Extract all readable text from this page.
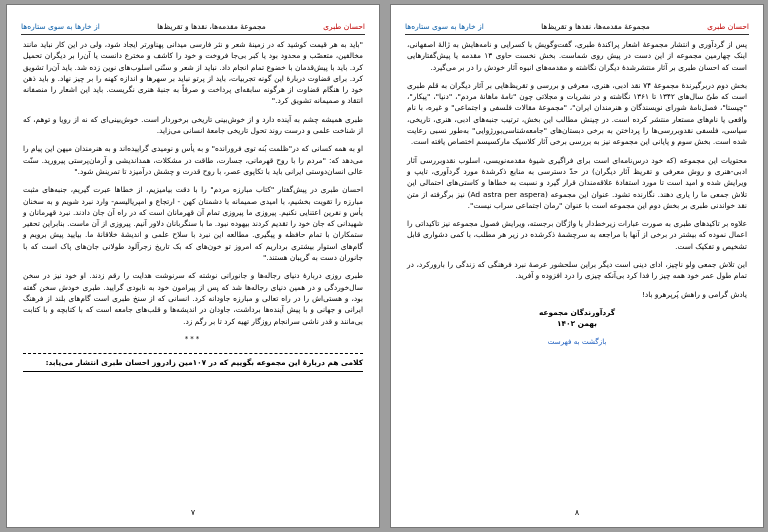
احسان طبری
مجموعهٔ مقدمه‌ها، نقدها و تقریظ‌ها
از خارها به سوی ستاره‌ها

پس از گردآوری و انتشار مجموعهٔ اشعار پراکندهٔ طبری، گفت‌وگویش با کسرایی و نامه‌هایش به ژالهٔ اصفهانی، اینک چهارمین مجموعه از این دست در پیش روی شماست. بخش نخست حاوی ۱۳ مقدمه یا پیش‌گفتارهایی است که احسان طبری بر آثار منتشرشدهٔ دیگران نگاشته و مقدمه‌های انبوه آثار خودش را در بر می‌گیرد.

بخش دوم دربرگیرندهٔ مجموعهٔ ۷۴ نقد ادبی، هنری، معرفی و بررسی و تقریظ‌هایی بر آثار دیگران به قلم طبری است که طیّ سال‌های ۱۳۴۲ تا ۱۳۶۱ نگاشته و در نشریات و مجلاتی چون "نامهٔ ماهانهٔ مردم"، "دنیا"، "پیکار"، "چیستا"، فصل‌نامهٔ شورای نویسندگان و هنرمندان ایران"، "مجموعهٔ مقالات فلسفی و اجتماعی" و غیره، با نام واقعی یا نام‌های مستعار منتشر کرده است. در چینش مطالب این بخش، ترتیب جنبه‌های ادبی، هنری، تاریخی، سیاسی، فلسفی نقدوبررسی‌ها را پرداختن به برخی دبستان‌های "جامعه‌شناسی‌بورژوایی" به‌طور نسبی رعایت شده است. بخش سوم و پایانی این مجموعه نیز به بررسی برخی آثار کلاسیک مارکسیسم اختصاص یافته است.

محتویات این مجموعه (که خود درس‌نامه‌ای است برای فراگیری شیوهٔ مقدمه‌نویسی، اسلوب نقدوبررسی آثار ادبی-هنری و روش معرفی و تقریظ آثار دیگران) در حدّ دسترسی به منابع ذکرشدهٔ مورد گردآوری، تایپ و ویرایش شده و امید است تا مورد استفادهٔ علاقه‌مندان قرار گیرد و نسبت به خطاها و کاستی‌های احتمالی این تلاش جمعی ما را یاری دهند. نگارنده تشود. عنوان این مجموعه (Ad astra per aspera) نیز برگرفته از متن نقد خواندنی طبری بر بخش دوم این مجموعه است با عنوان "رمان اجتماعی سراب نیست".

علاوه بر تاکیدهای طبری به صورت عبارات زیرخط‌دار یا واژگان برجسته، ویرایش فصول مجموعه نیز تاکیداتی را اعمال نموده که بیشتر در برخی از آنها با مراجعه به سرچشمهٔ ذکرشده در زیر هر مطلب، با کمی دشواری قابل تشخیص و تفکیک است.

این تلاش جمعی ولو ناچیز، ادای دینی است دیگر براین سلحشور عرصهٔ نبرد فرهنگی که زندگی را بارورکرد، در تمام طول عمر خود همه چیز را فدا کرد بی‌آنکه چیزی را درد افزوده و آفرید.

یادش گرامی و راهش پُرپرهرو باد!

گردآورندگان مجموعه
بهمن ۱۴۰۲
بازگشت به فهرست
۸
احسان طبری
مجموعهٔ مقدمه‌ها، نقدها و تقریظ‌ها
از خارها به سوی ستاره‌ها

"باید به هر قیمت کوشید که در زمینهٔ شعر و نثر فارسی میدانی پهناورتر ایجاد شود، ولی در این کار نباید مانند مخالفین، متعصّب و محدود بود یا کبر بی‌جا فروخت و خود را کاشف و مخترع دانست یا آن‌را بر دیگران تحمیل کرد. باید با پیش‌قدمان با خضوع تمام انجام داد. نباید از شعر و سنّتی اسلوب‌های نوین زده شد. باید آن‌را تشویق کرد. برای قضاوت دربارهٔ این گونه تجربیات، باید از پرتو نباید بر سهرها و اندازه کهنه را بر چیز نهاد. و باید ذهن خود را هنگام قضاوت از هرگونه سابقه‌ای پرداخت و صرفاً به جنبهٔ هنری نگریست. باید این اشعار را منصفانه انتقاد و صمیمانه تشویق کرد."

طبری همیشه چشم به آینده دارد و از خوش‌بینی تاریخی برخوردار است. خوش‌بینی‌ای که نه از رویا و توهم، که از شناخت علمی و درست روند تحول تاریخی جامعهٔ انسانی می‌زاید.

او به همه کسانی که در"ظلمت بُنه توی فرورانده" و به یأس و نومیدی گراییده‌اند و به هنرمندان میهن این پیام را می‌دهد که: "مردم را با روح قهرمانی، جسارت، طاقت در مشکلات، همداندیشی و آرمان‌پرستی پیرورید. سنّت عالی انسان‌دوستی ایرانی باید با تکاپوی عصر، با روح قدرت و چشش درآمیزد تا تمرینش شود."

احسان طبری در پیش‌گفتار "کتاب مبارزه مردم" را با دقت بیامیزیم، از خطاها عبرت گیریم، جنبه‌های مثبت مبارزه را تقویت بخشیم، با امیدی صمیمانه با دشمنان کهن - ارتجاع و امپریالیسم- وارد نبرد شویم و به سخنان یأس و نفرین اعتنایی نکنیم. پیروزی ما پیروزی تمام آن قهرمانان است که در راه آن جان دادند. نبرد قهرمانان و شهیدانی که جان خود را تقدیم کردند بیهوده نبود. ما با سنگربانان دلاور آنیم. پیروزی از آن ماست. بنابراین تحقیر ستمکاران با تمام حافظه و پیگیری. مطالعه این نبرد با سلاح علمی و اندیشهٔ خلاقانهٔ ما. بیایید پیش برویم و گام‌های استوار بیشتری برداریم که امروز تو خون‌های که بک تاریخ زجرآلود طولانی جان‌های پاک است که با جانوران دست به گریبان هستند."

طبری روزی دربارهٔ دنیای رجاله‌ها و جانورانی نوشته که سرنوشت هدایت را رقم زدند. او خود نیز در سخن سال‌خوردگی و در همین دنیای رجاله‌ها شد که پس از پیرامون خود به نابودی گرایید. طبری خودش سخن گفته بود، و هستی‌اش را در راه تعالی و مبارزه جاودانه کرد. انسانی که از سنخ طبری است گام‌های بلند از فرهنگ ایرانی و جهانی و با پیش آینده‌ها برداشت، جاودان در اندیشه‌ها و قلب‌های جامعه است که با کتابچه و با کتابت بی‌مانند و قدر ناشی سرانجام روزگار تهیه کرد تا بر رگم زد.

***
کلامی هم دربارهٔ این مجموعه بگوییم که در ۱۰۷مین زادروز احسان طبری انتشار می‌یابد:
۷
